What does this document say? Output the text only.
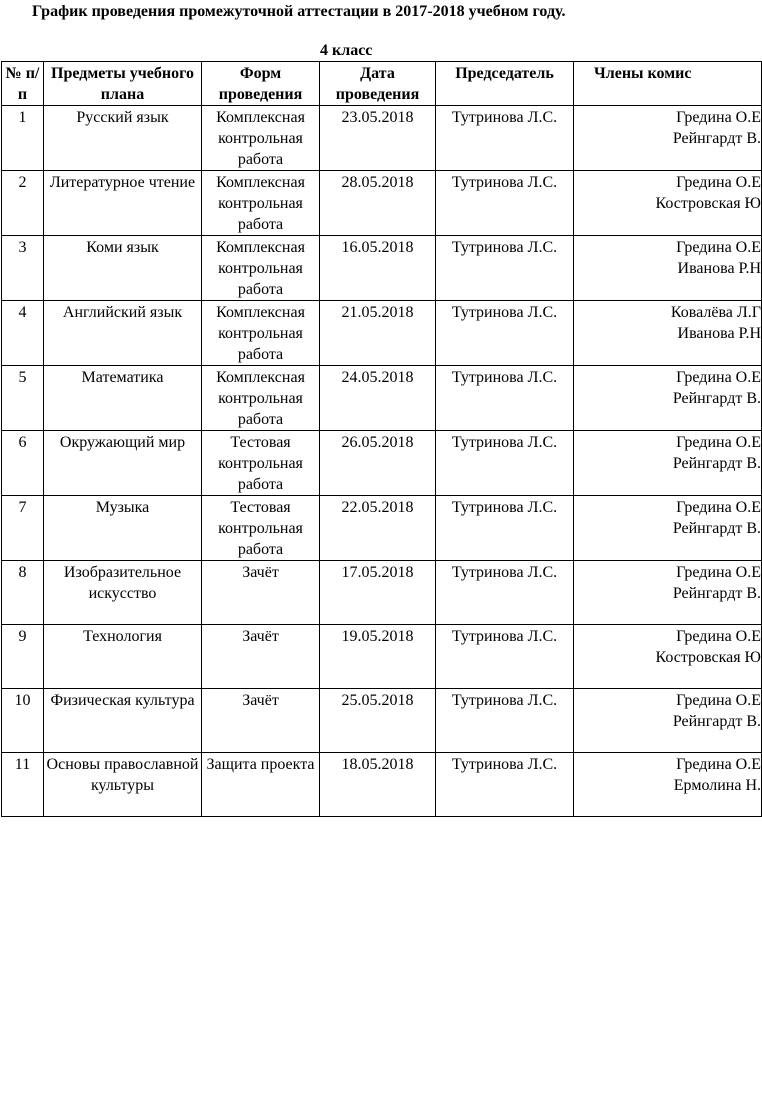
График проведения промежуточной аттестации в 2017-2018 учебном году.
4 класс
№ п/п	Предметы учебного плана	Форм проведения	Дата проведения	Председатель	Члены комис
1	Русский язык	Комплексная контрольная работа	23.05.2018	Тутринова Л.С.	Гредина О.Е
Рейнгардт В.

2	Литературное чтение	Комплексная контрольная работа	28.05.2018	Тутринова Л.С.	Гредина О.Е
Костровская Ю

3	Коми язык	Комплексная контрольная работа	16.05.2018	Тутринова Л.С.	Гредина О.Е
Иванова Р.Н

4	Английский язык	Комплексная контрольная работа	21.05.2018	Тутринова Л.С.	Ковалёва Л.Г
Иванова Р.Н

5	Математика	Комплексная контрольная работа	24.05.2018	Тутринова Л.С.	Гредина О.Е
Рейнгардт В.

6	Окружающий мир	Тестовая контрольная работа	26.05.2018	Тутринова Л.С.	Гредина О.Е
Рейнгардт В.

7	Музыка	Тестовая контрольная работа	22.05.2018	Тутринова Л.С.	Гредина О.Е
Рейнгардт В.

8	Изобразительное искусство	Зачёт	17.05.2018	Тутринова Л.С.	Гредина О.Е
Рейнгардт В.

9	Технология	Зачёт	19.05.2018	Тутринова Л.С.	Гредина О.Е
Костровская Ю

10	Физическая культура	Зачёт	25.05.2018	Тутринова Л.С.	Гредина О.Е
Рейнгардт В.

11	Основы православной культуры	Защита проекта	18.05.2018	Тутринова Л.С.	Гредина О.Е
Ермолина Н.
